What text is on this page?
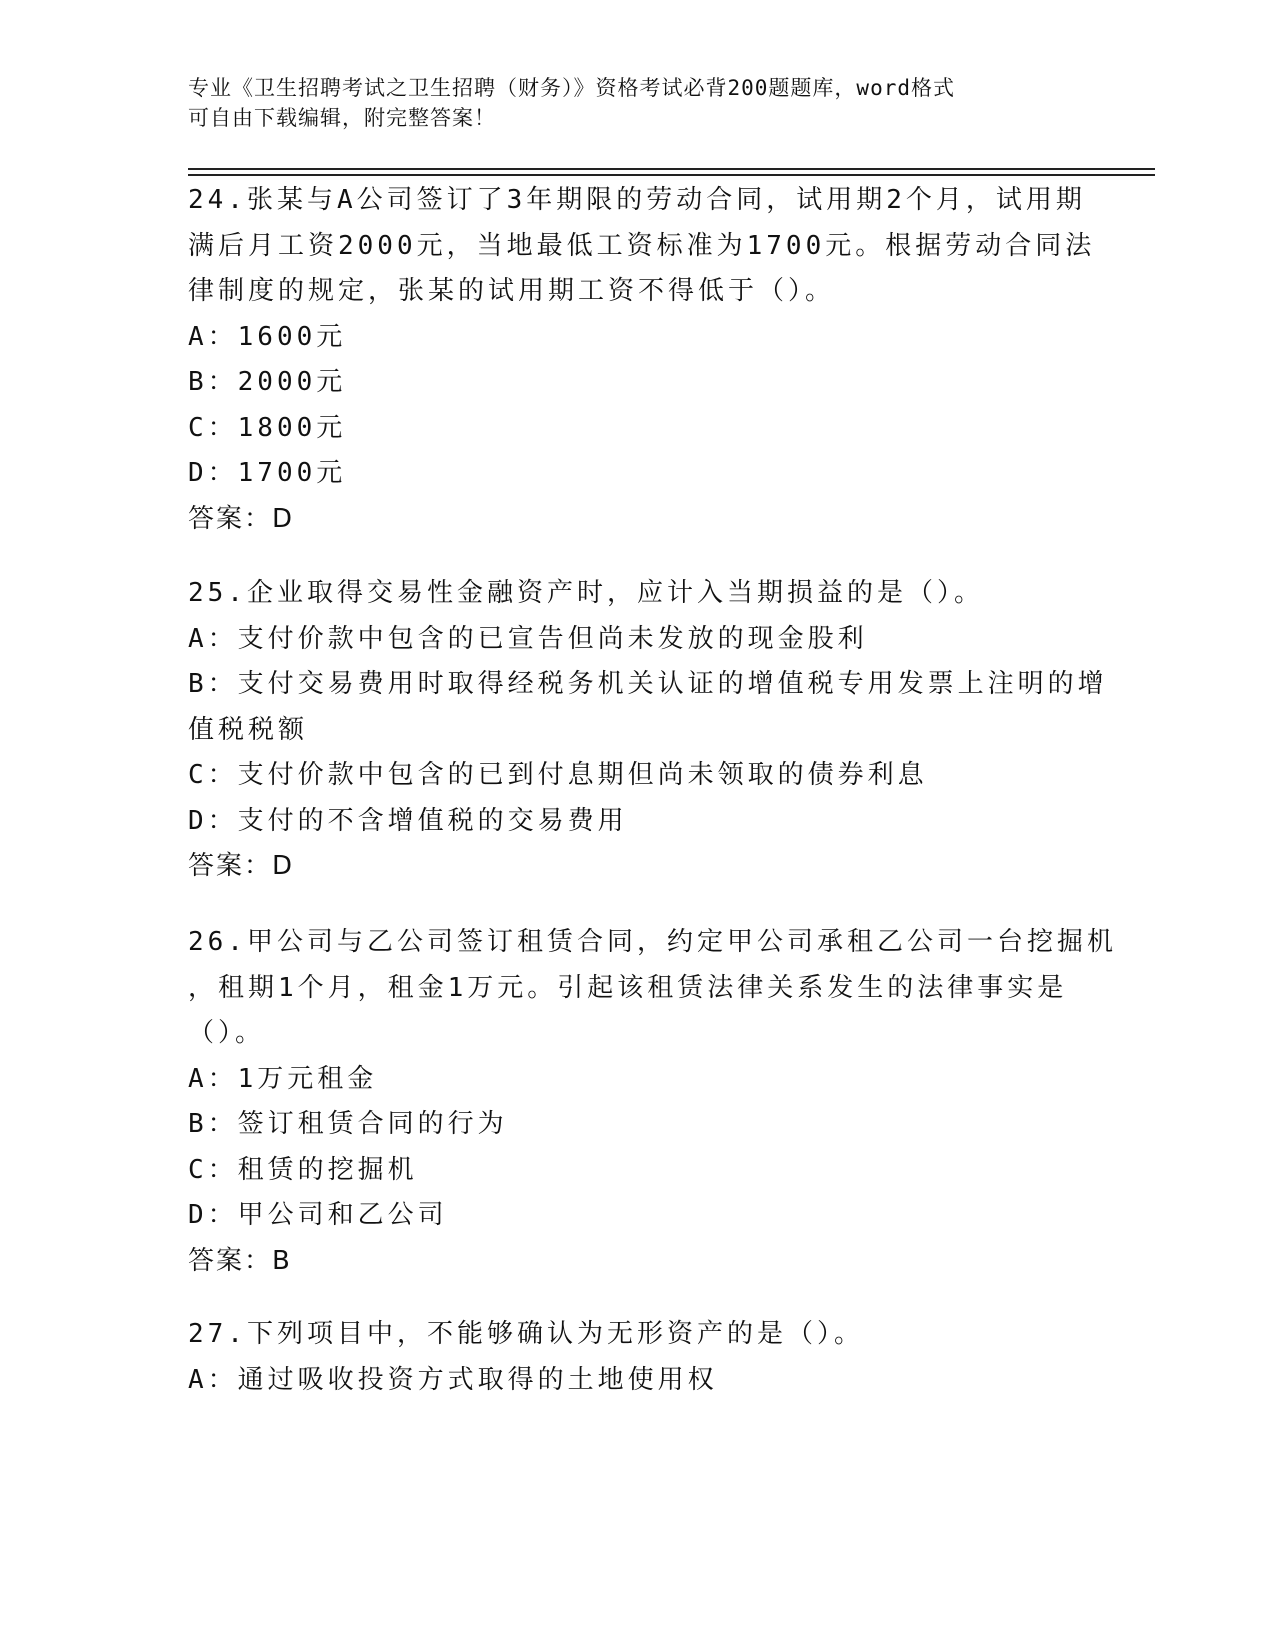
专业《卫生招聘考试之卫生招聘（财务）》资格考试必背200题题库，word格式
可自由下载编辑，附完整答案！
24.张某与A公司签订了3年期限的劳动合同，试用期2个月，试用期
满后月工资2000元，当地最低工资标准为1700元。根据劳动合同法
律制度的规定，张某的试用期工资不得低于（）。
A：1600元
B：2000元
C：1800元
D：1700元
答案：D
25.企业取得交易性金融资产时，应计入当期损益的是（）。
A：支付价款中包含的已宣告但尚未发放的现金股利
B：支付交易费用时取得经税务机关认证的增值税专用发票上注明的增
值税税额
C：支付价款中包含的已到付息期但尚未领取的债券利息
D：支付的不含增值税的交易费用
答案：D
26.甲公司与乙公司签订租赁合同，约定甲公司承租乙公司一台挖掘机
，租期1个月，租金1万元。引起该租赁法律关系发生的法律事实是
（）。
A：1万元租金
B：签订租赁合同的行为
C：租赁的挖掘机
D：甲公司和乙公司
答案：B
27.下列项目中，不能够确认为无形资产的是（）。
A：通过吸收投资方式取得的土地使用权
